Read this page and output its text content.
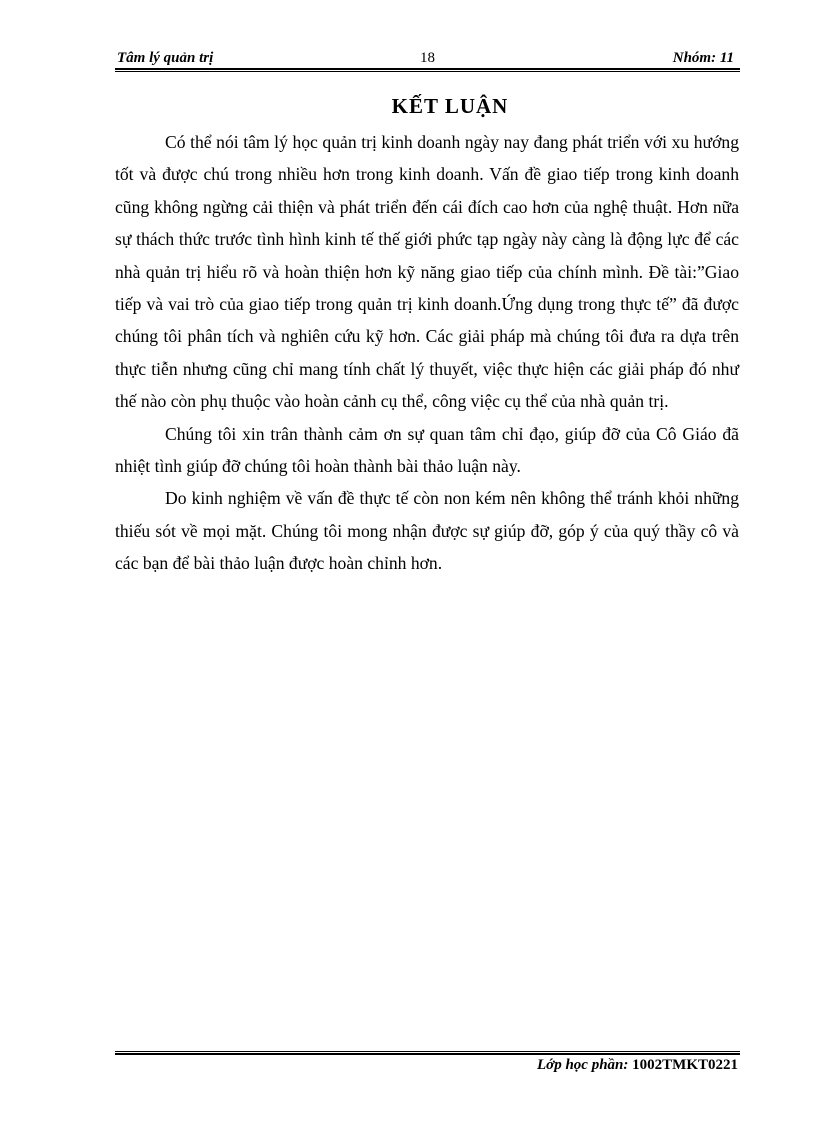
Tâm lý quản trị	18	Nhóm: 11
KẾT LUẬN

Có thể nói tâm lý học quản trị kinh doanh ngày nay đang phát triển với xu hướng tốt và được chú trong nhiều hơn trong kinh doanh. Vấn đề giao tiếp trong kinh doanh cũng không ngừng cải thiện và phát triển đến cái đích cao hơn của nghệ thuật. Hơn nữa sự thách thức trước tình hình kinh tế thế giới phức tạp ngày này càng là động lực để các nhà quản trị hiểu rõ và hoàn thiện hơn kỹ năng giao tiếp của chính mình. Đề tài:”Giao tiếp và vai trò của giao tiếp trong quản trị kinh doanh.Ứng dụng trong thực tế” đã được chúng tôi phân tích và nghiên cứu kỹ hơn. Các giải pháp mà chúng tôi đưa ra dựa trên thực tiễn nhưng cũng chỉ mang tính chất lý thuyết, việc thực hiện các giải pháp đó như thế nào còn phụ thuộc vào hoàn cảnh cụ thể, công việc cụ thể của nhà quản trị.

Chúng tôi xin trân thành cảm ơn sự quan tâm chỉ đạo, giúp đỡ của Cô Giáo đã nhiệt tình giúp đỡ chúng tôi hoàn thành bài thảo luận này.

Do kinh nghiệm về vấn đề thực tế còn non kém nên không thể tránh khỏi những thiếu sót về mọi mặt. Chúng tôi mong nhận được sự giúp đỡ, góp ý của quý thầy cô và các bạn để bài thảo luận được hoàn chỉnh hơn.

Lớp học phần: 1002TMKT0221
